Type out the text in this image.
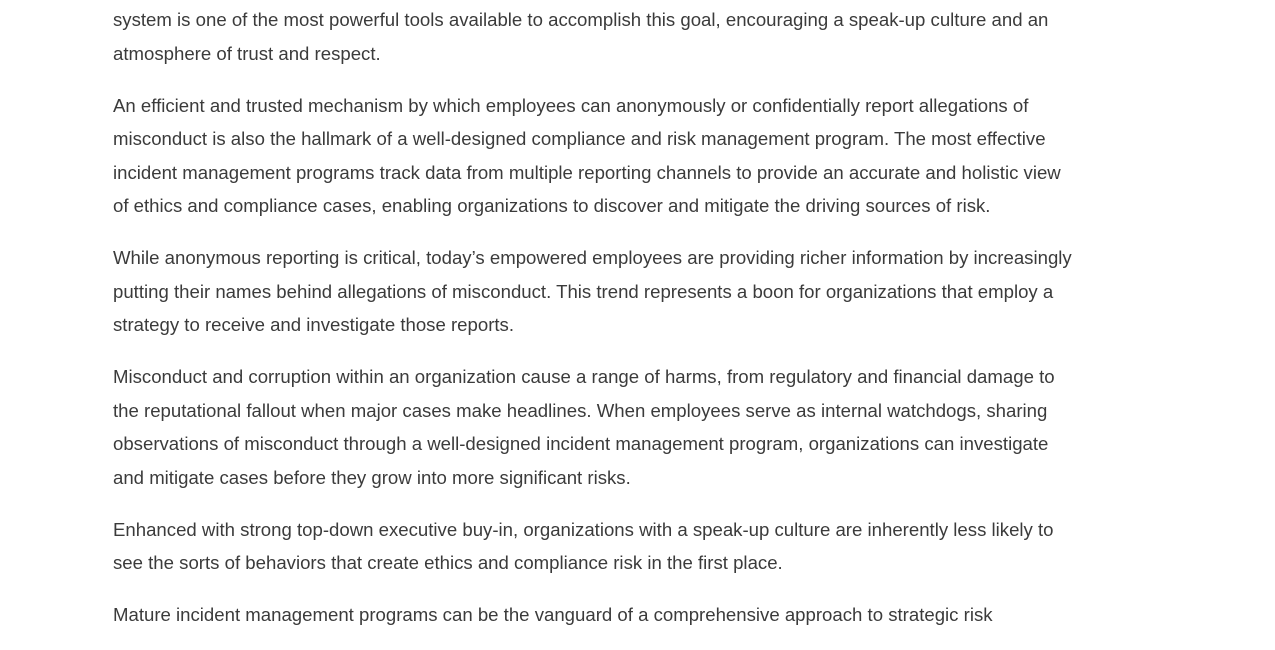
system is one of the most powerful tools available to accomplish this goal, encouraging a speak-up culture and an
atmosphere of trust and respect.

An efficient and trusted mechanism by which employees can anonymously or confidentially report allegations of
misconduct is also the hallmark of a well-designed compliance and risk management program. The most effective
incident management programs track data from multiple reporting channels to provide an accurate and holistic view
of ethics and compliance cases, enabling organizations to discover and mitigate the driving sources of risk.

While anonymous reporting is critical, today’s empowered employees are providing richer information by increasingly
putting their names behind allegations of misconduct. This trend represents a boon for organizations that employ a
strategy to receive and investigate those reports.

Misconduct and corruption within an organization cause a range of harms, from regulatory and financial damage to
the reputational fallout when major cases make headlines. When employees serve as internal watchdogs, sharing
observations of misconduct through a well-designed incident management program, organizations can investigate
and mitigate cases before they grow into more significant risks.

Enhanced with strong top-down executive buy-in, organizations with a speak-up culture are inherently less likely to
see the sorts of behaviors that create ethics and compliance risk in the first place.

Mature incident management programs can be the vanguard of a comprehensive approach to strategic risk
